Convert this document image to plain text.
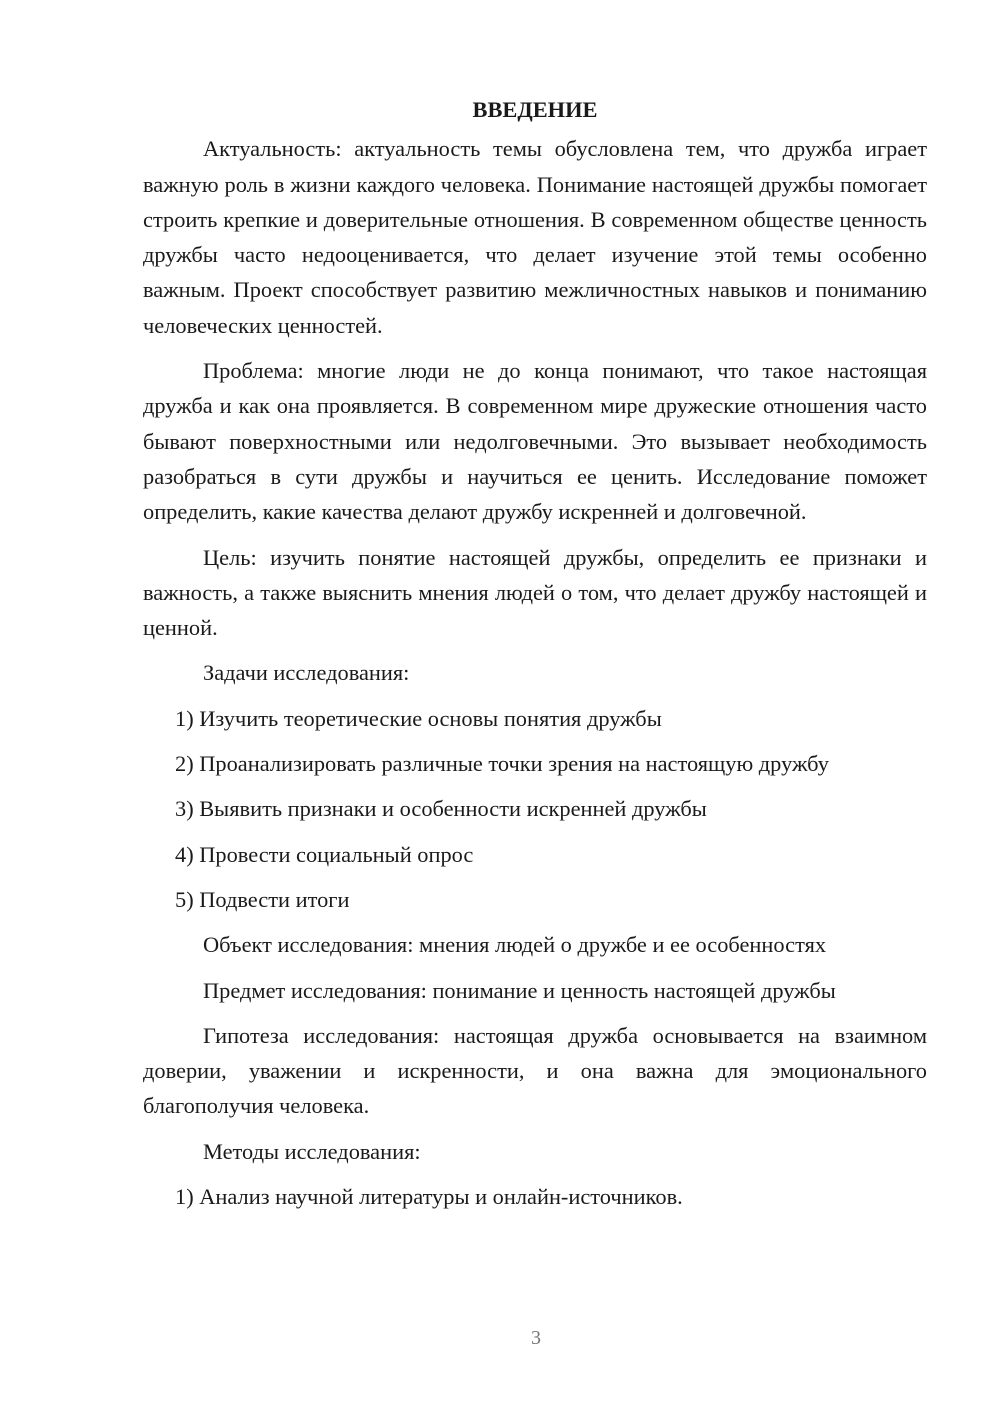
ВВЕДЕНИЕ

Актуальность: актуальность темы обусловлена тем, что дружба играет важную роль в жизни каждого человека. Понимание настоящей дружбы помогает строить крепкие и доверительные отношения. В современном обществе ценность дружбы часто недооценивается, что делает изучение этой темы особенно важным. Проект способствует развитию межличностных навыков и пониманию человеческих ценностей.

Проблема: многие люди не до конца понимают, что такое настоящая дружба и как она проявляется. В современном мире дружеские отношения часто бывают поверхностными или недолговечными. Это вызывает необходимость разобраться в сути дружбы и научиться ее ценить. Исследование поможет определить, какие качества делают дружбу искренней и долговечной.

Цель: изучить понятие настоящей дружбы, определить ее признаки и важность, а также выяснить мнения людей о том, что делает дружбу настоящей и ценной.

Задачи исследования:
1) Изучить теоретические основы понятия дружбы
2) Проанализировать различные точки зрения на настоящую дружбу
3) Выявить признаки и особенности искренней дружбы
4) Провести социальный опрос
5) Подвести итоги
Объект исследования: мнения людей о дружбе и ее особенностях
Предмет исследования: понимание и ценность настоящей дружбы

Гипотеза исследования: настоящая дружба основывается на взаимном доверии, уважении и искренности, и она важна для эмоционального благополучия человека.

Методы исследования:
1) Анализ научной литературы и онлайн-источников.
3
